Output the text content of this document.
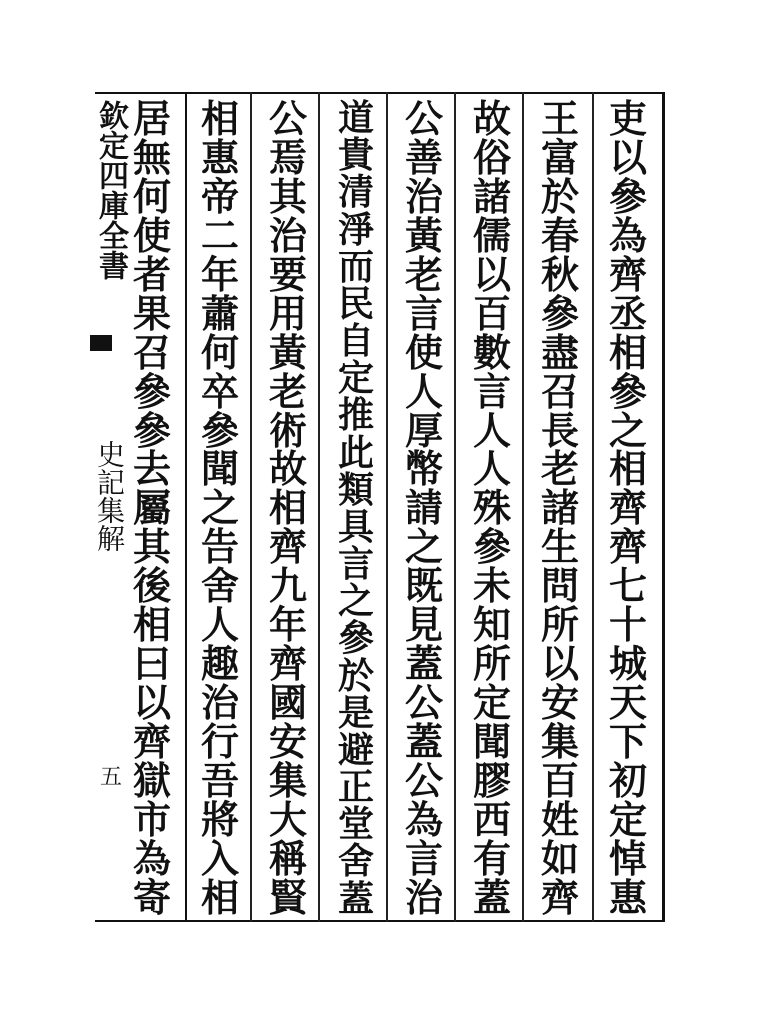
欽定四庫全書
史記集解
五
吏
以
參
為
齊
丞
相
參
之
相
齊
齊
七
十
城
天
下
初
定
悼
惠
王
富
於
春
秋
參
盡
召
長
老
諸
生
問
所
以
安
集
百
姓
如
齊
故
俗
諸
儒
以
百
數
言
人
人
殊
參
未
知
所
定
聞
膠
西
有
蓋
公
善
治
黃
老
言
使
人
厚
幣
請
之
既
見
蓋
公
蓋
公
為
言
治
道
貴
清
淨
而
民
自
定
推
此
類
具
言
之
參
於
是
避
正
堂
舍
蓋
公
焉
其
治
要
用
黃
老
術
故
相
齊
九
年
齊
國
安
集
大
稱
賢
相
惠
帝
二
年
蕭
何
卒
參
聞
之
告
舍
人
趣
治
行
吾
將
入
相
居
無
何
使
者
果
召
參
參
去
屬
其
後
相
曰
以
齊
獄
市
為
寄
